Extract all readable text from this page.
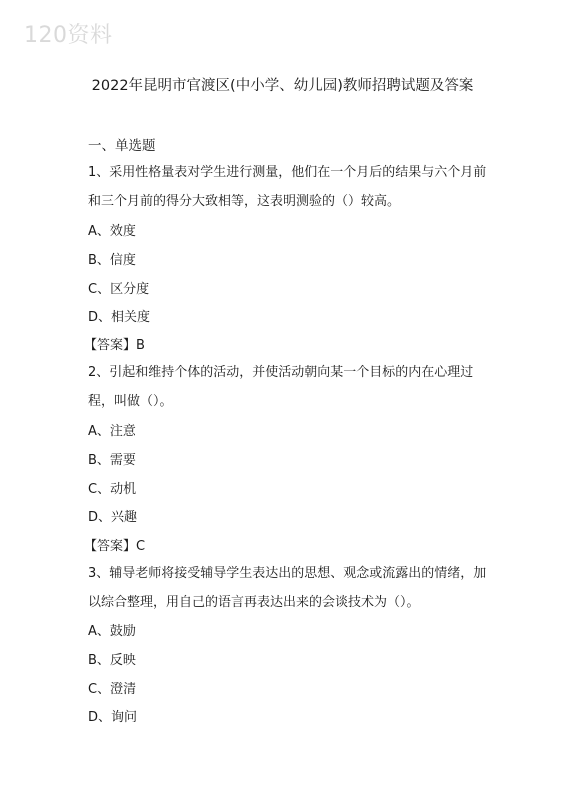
120资料
2022年昆明市官渡区(中小学、幼儿园)教师招聘试题及答案
一、单选题
1、采用性格量表对学生进行测量，他们在一个月后的结果与六个月前和三个月前的得分大致相等，这表明测验的（）较高。
A、效度
B、信度
C、区分度
D、相关度
【答案】B
2、引起和维持个体的活动，并使活动朝向某一个目标的内在心理过程，叫做（）。
A、注意
B、需要
C、动机
D、兴趣
【答案】C
3、辅导老师将接受辅导学生表达出的思想、观念或流露出的情绪，加以综合整理，用自己的语言再表达出来的会谈技术为（）。
A、鼓励
B、反映
C、澄清
D、询问
